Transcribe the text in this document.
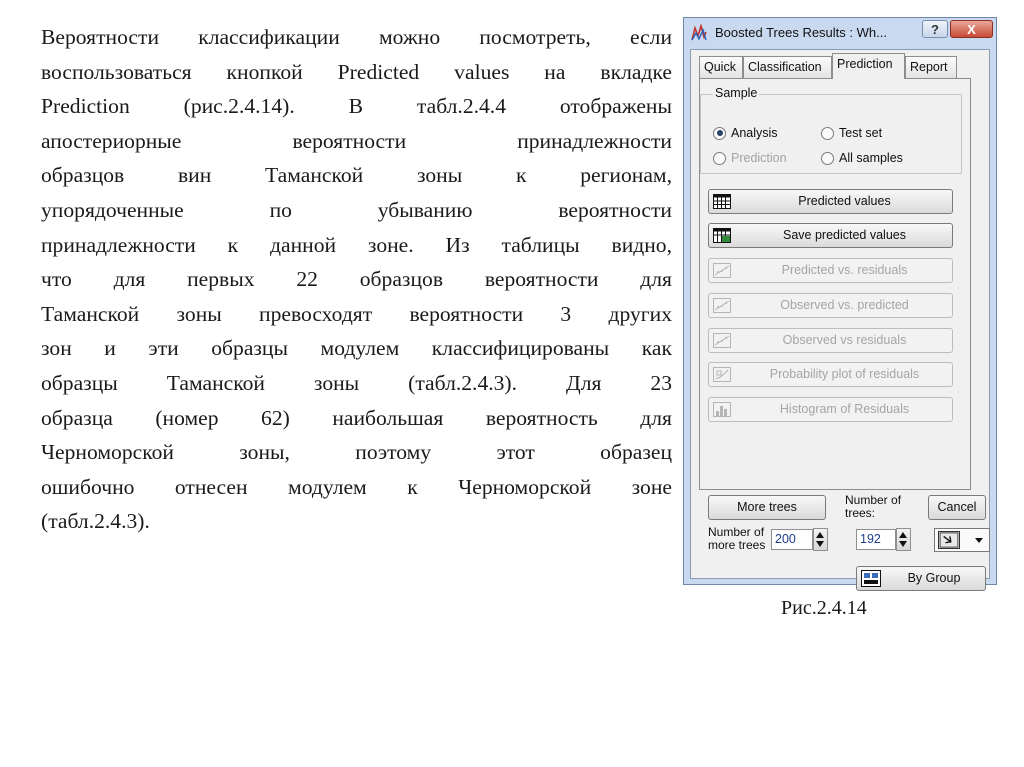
Вероятности классификации можно посмотреть, если
воспользоваться кнопкой Predicted values на вкладке
Prediction (рис.2.4.14). В табл.2.4.4 отображены
апостериорные вероятности принадлежности
образцов вин Таманской зоны к регионам,
упорядоченные по убыванию вероятности
принадлежности к данной зоне. Из таблицы видно,
что для первых 22 образцов вероятности для
Таманской зоны превосходят вероятности 3 других
зон и эти образцы модулем классифицированы как
образцы Таманской зоны (табл.2.4.3). Для 23
образца (номер 62) наибольшая вероятность для
Черноморской зоны, поэтому этот образец
ошибочно отнесен модулем к Черноморской зоне
(табл.2.4.3).
Boosted Trees Results : Wh...	?	X
Quick Classification	Prediction	Report
Sample
Analysis	Test set
Prediction	All samples
Predicted values
Save predicted values
Predicted vs. residuals
Observed vs. predicted
Observed vs residuals
Probability plot of residuals
Histogram of Residuals
More trees
Number of more trees 200
Number of trees:
192
Cancel
By Group
Рис.2.4.14
